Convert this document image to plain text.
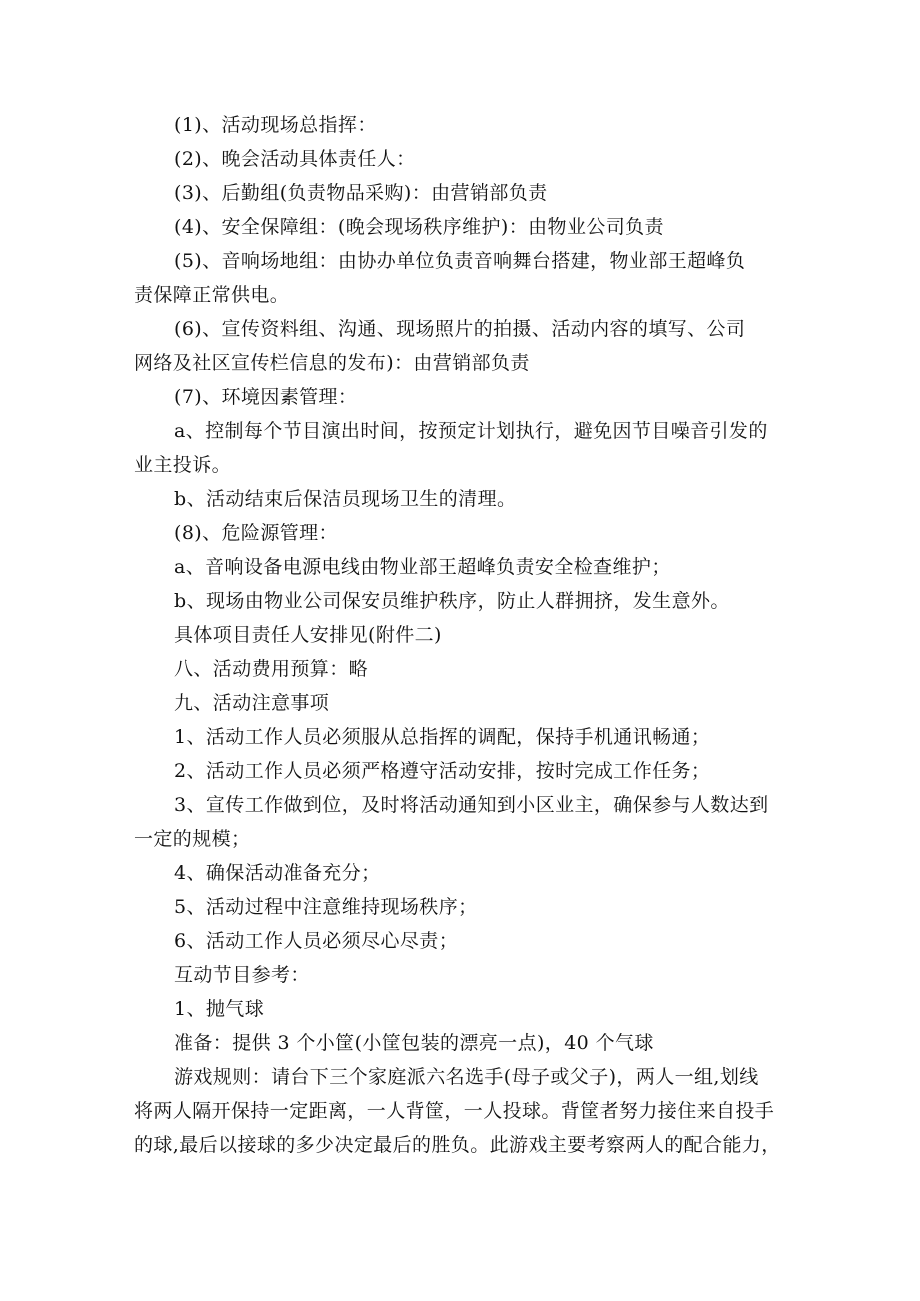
(1)、活动现场总指挥：

(2)、晚会活动具体责任人：

(3)、后勤组(负责物品采购)：由营销部负责

(4)、安全保障组：(晚会现场秩序维护)：由物业公司负责

(5)、音响场地组：由协办单位负责音响舞台搭建，物业部王超峰负
责保障正常供电。

(6)、宣传资料组、沟通、现场照片的拍摄、活动内容的填写、公司
网络及社区宣传栏信息的发布)：由营销部负责

(7)、环境因素管理：

a、控制每个节目演出时间，按预定计划执行，避免因节目噪音引发的
业主投诉。

b、活动结束后保洁员现场卫生的清理。

(8)、危险源管理：

a、音响设备电源电线由物业部王超峰负责安全检查维护；

b、现场由物业公司保安员维护秩序，防止人群拥挤，发生意外。

具体项目责任人安排见(附件二)

八、活动费用预算：略

九、活动注意事项

1、活动工作人员必须服从总指挥的调配，保持手机通讯畅通；

2、活动工作人员必须严格遵守活动安排，按时完成工作任务；

3、宣传工作做到位，及时将活动通知到小区业主，确保参与人数达到
一定的规模；

4、确保活动准备充分；

5、活动过程中注意维持现场秩序；

6、活动工作人员必须尽心尽责；

互动节目参考：

1、抛气球

准备：提供 3 个小筐(小筐包装的漂亮一点)，40 个气球

游戏规则：请台下三个家庭派六名选手(母子或父子)，两人一组,划线
将两人隔开保持一定距离，一人背筐，一人投球。背筐者努力接住来自投手
的球,最后以接球的多少决定最后的胜负。此游戏主要考察两人的配合能力，
